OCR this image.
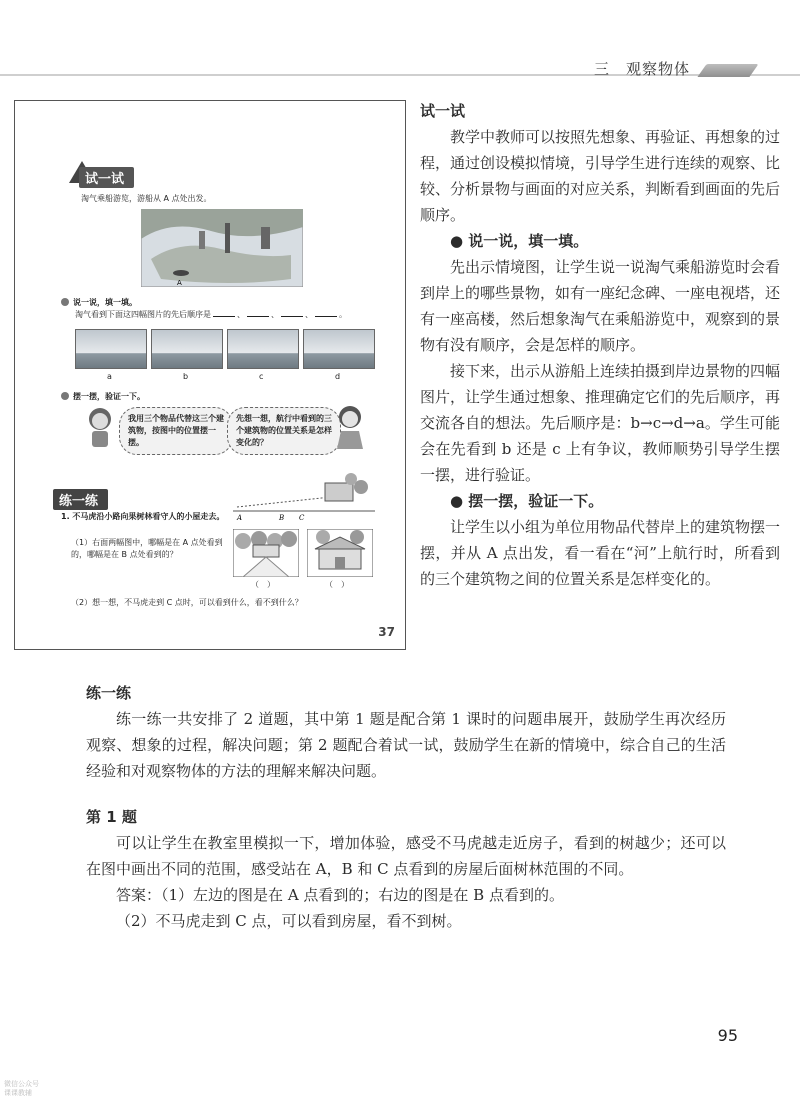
三　观察物体
试一试
淘气乘船游览，游船从 A 点处出发。
A
说一说，填一填。
淘气看到下面这四幅图片的先后顺序是	、	、	、	。
a	b	c	d
摆一摆，验证一下。
我用三个物品代替这三个建筑物，按图中的位置摆一摆。
先想一想，航行中看到的三个建筑物的位置关系是怎样变化的？
练一练
1. 不马虎沿小路向果树林看守人的小屋走去。	A	B C
（1）右面两幅图中，哪幅是在 A 点处看到的，哪幅是在 B 点处看到的？
（　）	（　）
（2）想一想，不马虎走到 C 点时，可以看到什么，看不到什么？
37
试一试

教学中教师可以按照先想象、再验证、再想象的过程，通过创设模拟情境，引导学生进行连续的观察、比较、分析景物与画面的对应关系，判断看到画面的先后顺序。

● 说一说，填一填。

先出示情境图，让学生说一说淘气乘船游览时会看到岸上的哪些景物，如有一座纪念碑、一座电视塔，还有一座高楼，然后想象淘气在乘船游览中，观察到的景物有没有顺序，会是怎样的顺序。

接下来，出示从游船上连续拍摄到岸边景物的四幅图片，让学生通过想象、推理确定它们的先后顺序，再交流各自的想法。先后顺序是：b→c→d→a。学生可能会在先看到 b 还是 c 上有争议，教师顺势引导学生摆一摆，进行验证。

● 摆一摆，验证一下。

让学生以小组为单位用物品代替岸上的建筑物摆一摆，并从 A 点出发，看一看在“河”上航行时，所看到的三个建筑物之间的位置关系是怎样变化的。

练一练

练一练一共安排了 2 道题，其中第 1 题是配合第 1 课时的问题串展开，鼓励学生再次经历观察、想象的过程，解决问题；第 2 题配合着试一试，鼓励学生在新的情境中，综合自己的生活经验和对观察物体的方法的理解来解决问题。

第 1 题

可以让学生在教室里模拟一下，增加体验，感受不马虎越走近房子，看到的树越少；还可以在图中画出不同的范围，感受站在 A，B 和 C 点看到的房屋后面树林范围的不同。

答案：（1）左边的图是在 A 点看到的；右边的图是在 B 点看到的。

（2）不马虎走到 C 点，可以看到房屋，看不到树。

95
微信公众号
课课教辅
